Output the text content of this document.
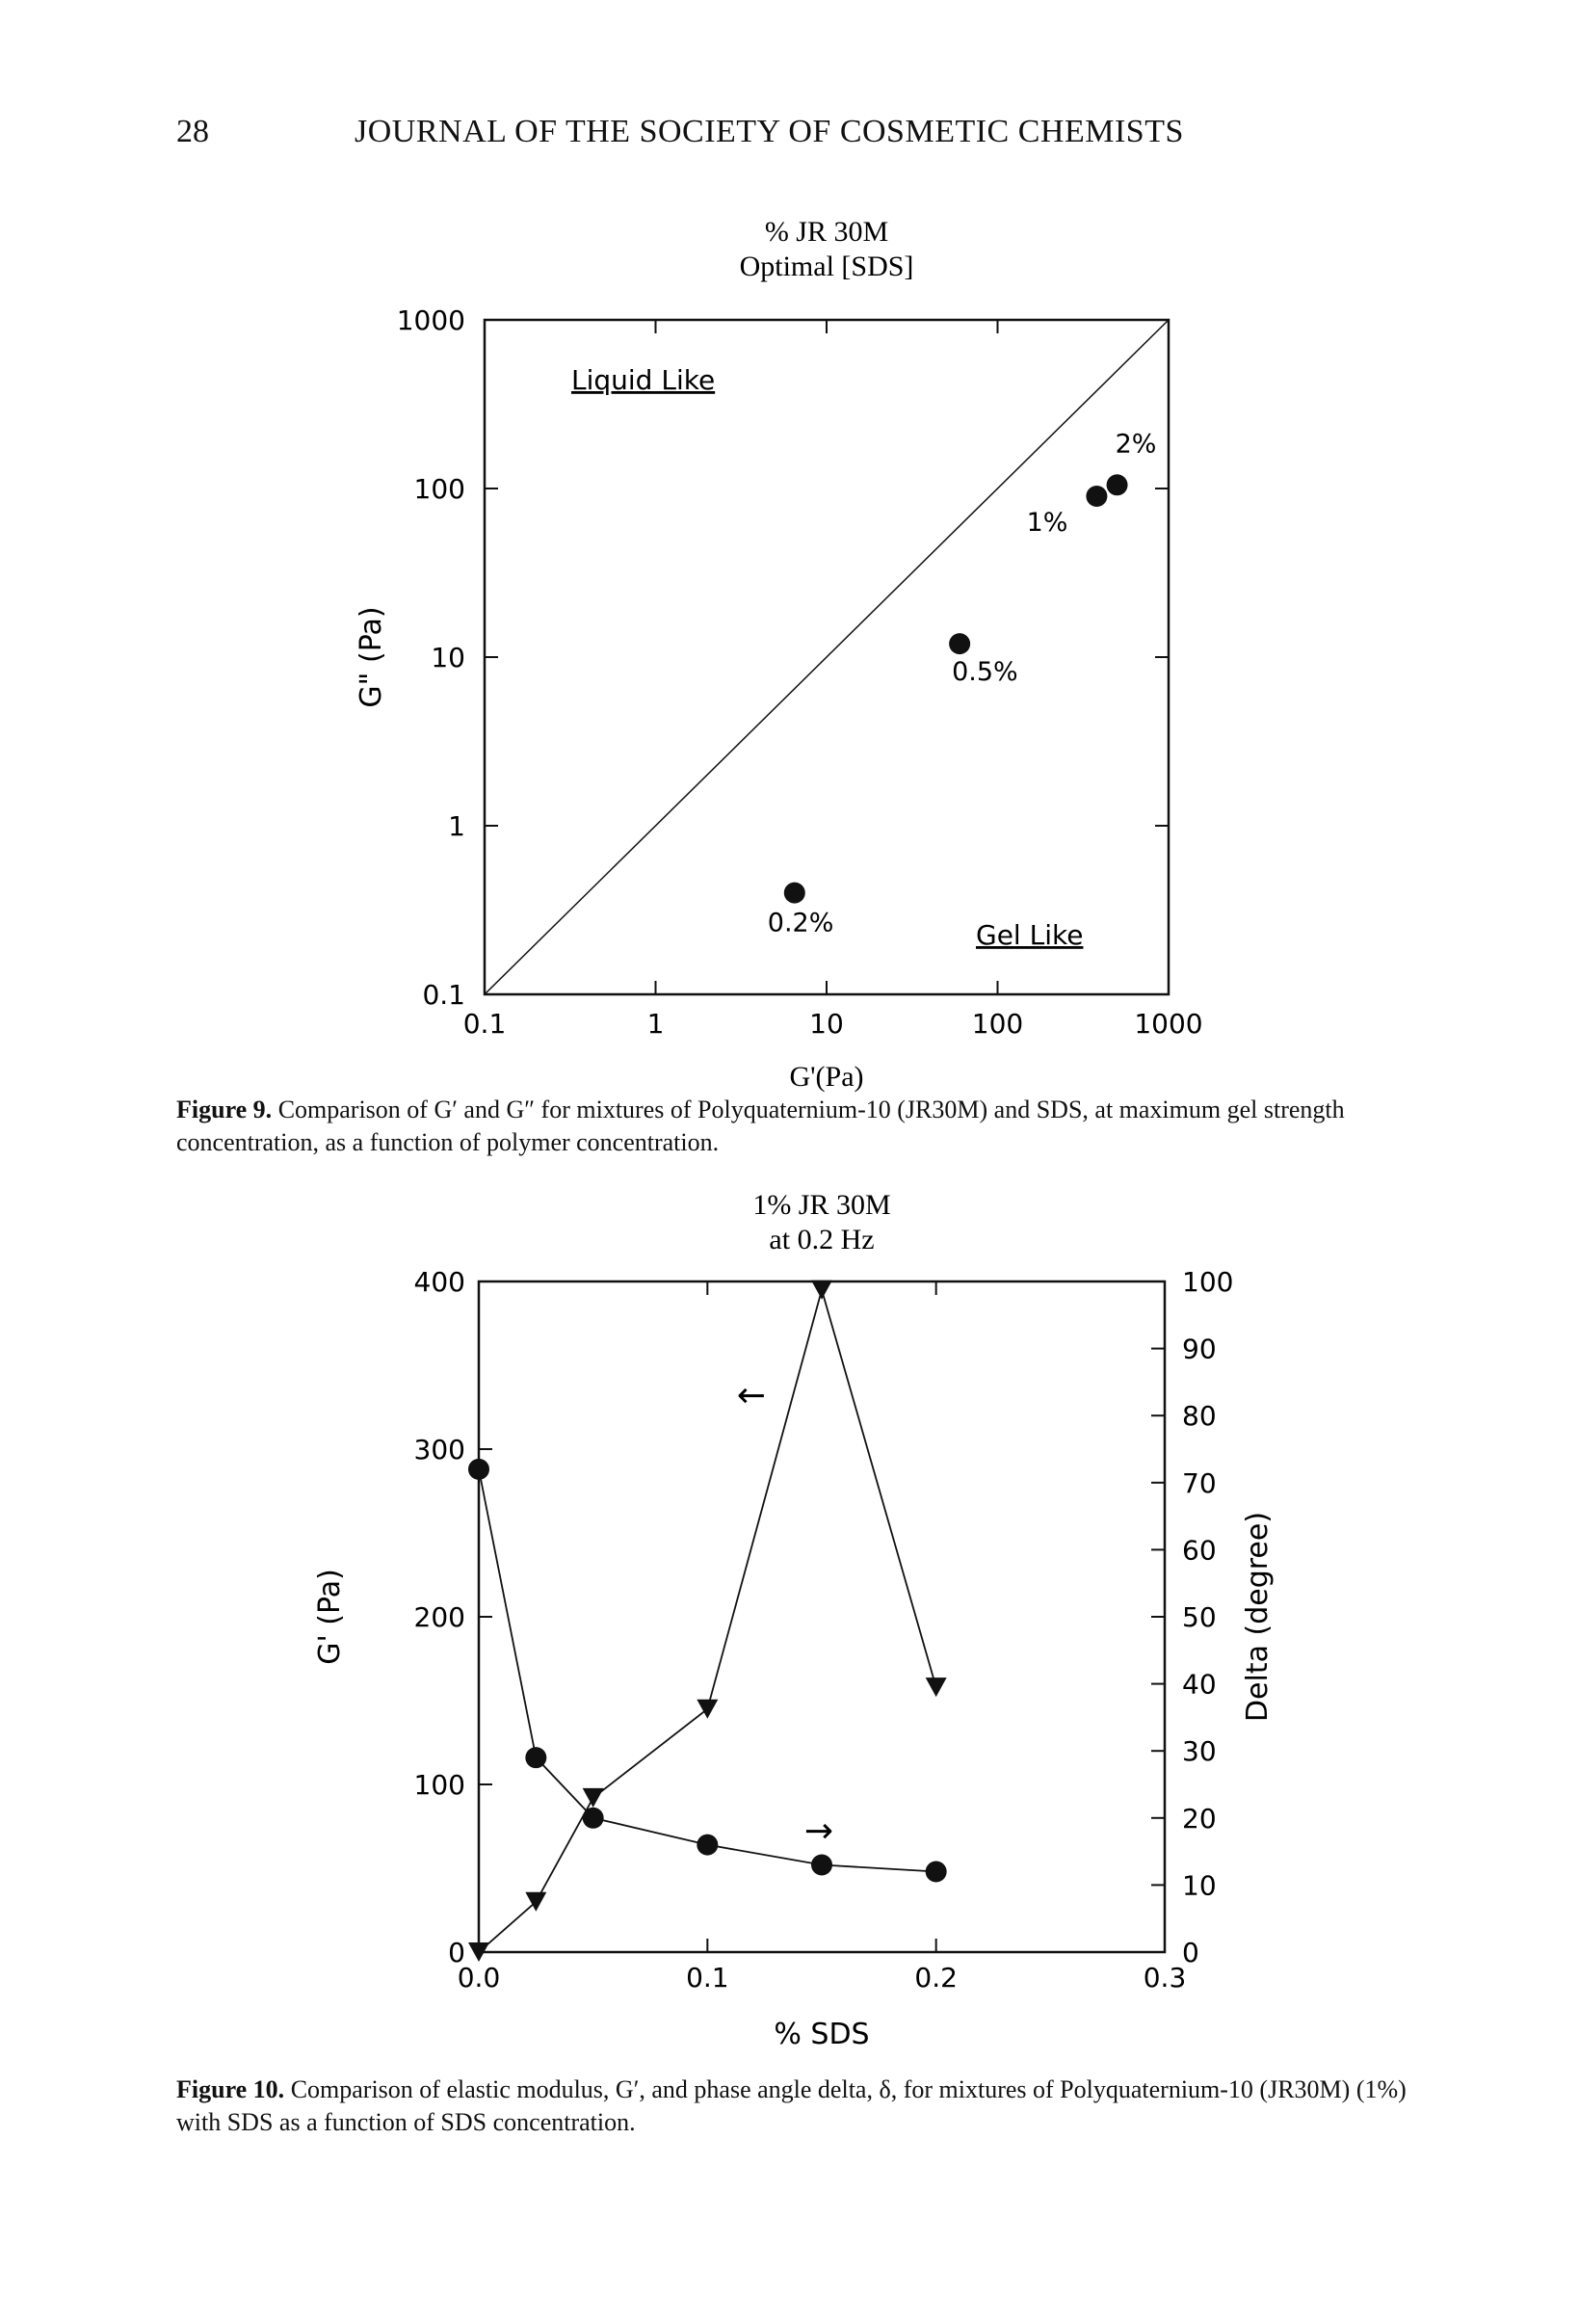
28	JOURNAL OF THE SOCIETY OF COSMETIC CHEMISTS
% JR 30M
Optimal [SDS]
0.1	1	10	100	1000
0.1
1
10
100
1000
Liquid Like
Gel Like
0.2%
0.5%
1%
2%
G'(Pa)
G" (Pa)
Figure 9. Comparison of G′ and G″ for mixtures of Polyquaternium-10 (JR30M) and SDS, at maximum gel strength concentration, as a function of polymer concentration.
1% JR 30M
at 0.2 Hz
0.0	0.1	0.2	0.3
0
100
200
300
400
0
10
20
30
40
50
60
70
80
90
100
←
→
% SDS
G' (Pa)	Delta (degree)
Figure 10. Comparison of elastic modulus, G′, and phase angle delta, δ, for mixtures of Polyquaternium-10 (JR30M) (1%) with SDS as a function of SDS concentration.
